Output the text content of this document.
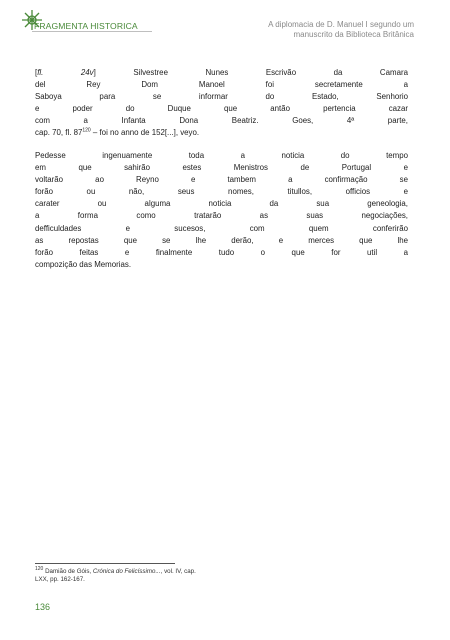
FRAGMENTA HISTORICA	A diplomacia de D. Manuel I segundo um
manuscrito da Biblioteca Britânica
[fl. 24v] Silvestree Nunes Escrivão da Camara
del Rey Dom Manoel foi secretamente a
Saboya para se informar do Estado, Senhorio
e poder do Duque que antão pertencia cazar
com a Infanta Dona Beatriz. Goes, 4ª parte,
cap. 70, fl. $87^{120}$ – foi no anno de 152[...], veyo.
Pedesse ingenuamente toda a noticia do tempo
em que sahirão estes Menistros de Portugal e
voltarão ao Reyno e tambem a confirmação se
forão ou não, seus nomes, titullos, officios e
carater ou alguma noticia da sua geneologia,
a forma como tratarão as suas negociações,
defficuldades e sucesos, com quem conferirão
as repostas que se lhe derão, e merces que lhe
forão feitas e finalmente tudo o que for util a
compozição das Memorias.
$^{120}$ Damião de Góis, Crónica do Felicíssimo..., vol. IV, cap.
LXX, pp. 162-167.
136
